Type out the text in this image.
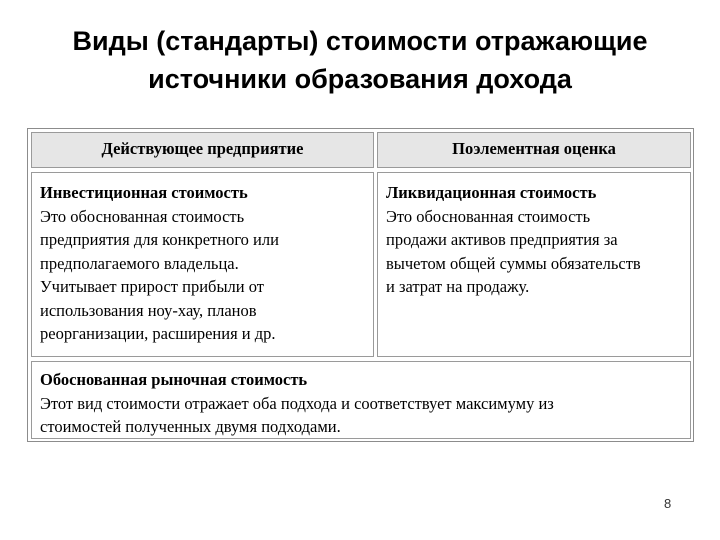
Виды (стандарты) стоимости отражающие
источники образования дохода
Действующее предприятие	Поэлементная оценка
Инвестиционная стоимость
Это обоснованная стоимость
предприятия для конкретного или
предполагаемого владельца.
Учитывает прирост прибыли от
использования ноу-хау, планов
реорганизации, расширения и др.
Ликвидационная стоимость
Это обоснованная стоимость
продажи активов предприятия за
вычетом общей суммы обязательств
и затрат на продажу.
Обоснованная рыночная стоимость
Этот вид стоимости отражает оба подхода и соответствует максимуму из
стоимостей полученных двумя подходами.
8
